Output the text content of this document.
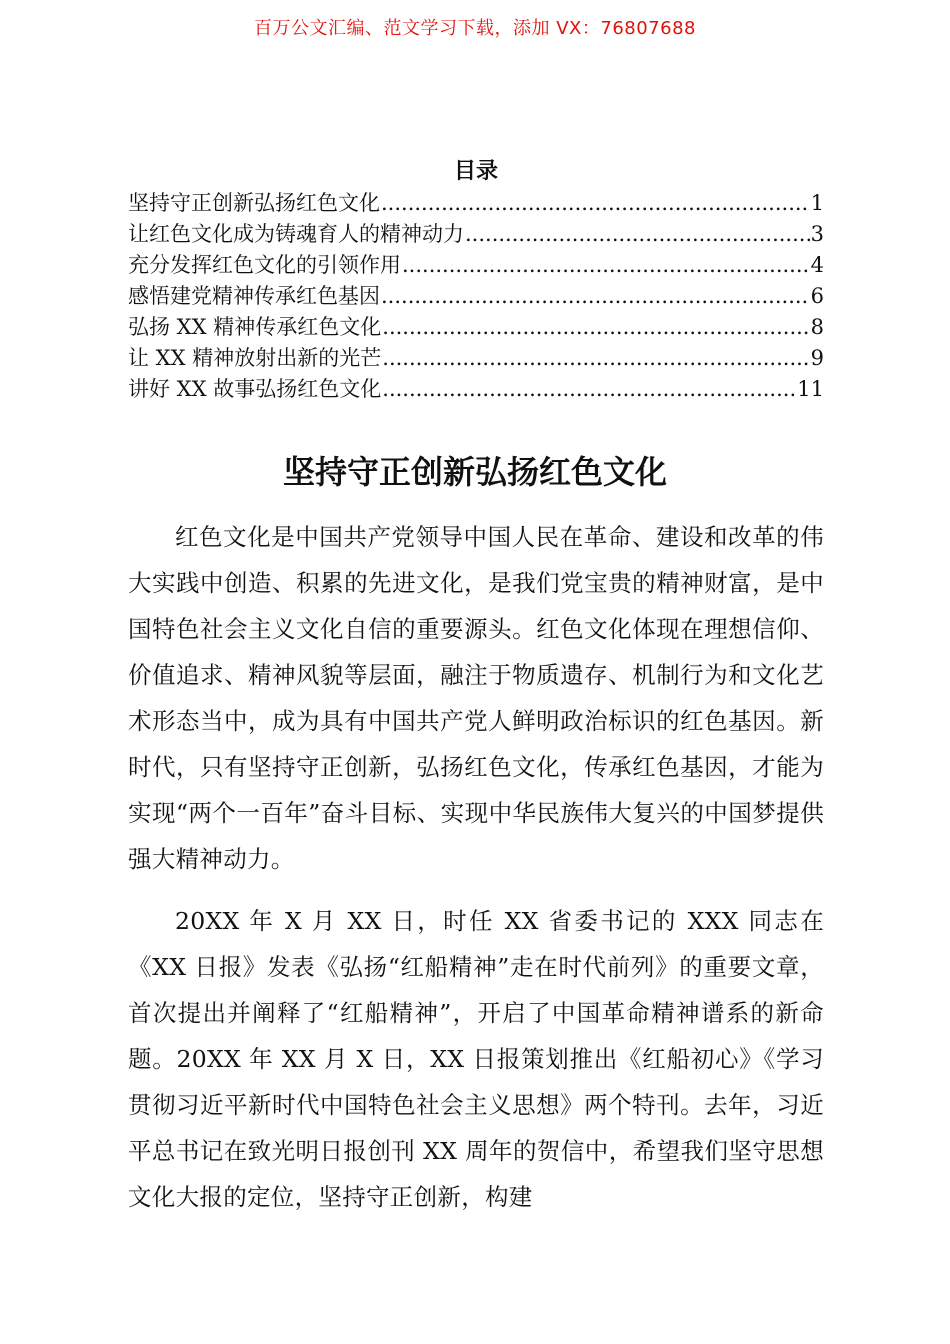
百万公文汇编、范文学习下载，添加 VX：76807688
目录
坚持守正创新弘扬红色文化 .....	1
让红色文化成为铸魂育人的精神动力 .....	3
充分发挥红色文化的引领作用 .....	4
感悟建党精神传承红色基因 .....	6
弘扬 XX 精神传承红色文化 .....	8
让 XX 精神放射出新的光芒 .....	9
讲好 XX 故事弘扬红色文化 .....	11
坚持守正创新弘扬红色文化

红色文化是中国共产党领导中国人民在革命、建设和改革的伟大实践中创造、积累的先进文化，是我们党宝贵的精神财富，是中国特色社会主义文化自信的重要源头。红色文化体现在理想信仰、价值追求、精神风貌等层面，融注于物质遗存、机制行为和文化艺术形态当中，成为具有中国共产党人鲜明政治标识的红色基因。新时代，只有坚持守正创新，弘扬红色文化，传承红色基因，才能为实现“两个一百年”奋斗目标、实现中华民族伟大复兴的中国梦提供强大精神动力。

20XX 年 X 月 XX 日，时任 XX 省委书记的 XXX 同志在《XX 日报》发表《弘扬“红船精神”走在时代前列》的重要文章，首次提出并阐释了“红船精神”，开启了中国革命精神谱系的新命题。20XX 年 XX 月 X 日，XX 日报策划推出《红船初心》《学习贯彻习近平新时代中国特色社会主义思想》两个特刊。去年，习近平总书记在致光明日报创刊 XX 周年的贺信中，希望我们坚守思想文化大报的定位，坚持守正创新，构建
